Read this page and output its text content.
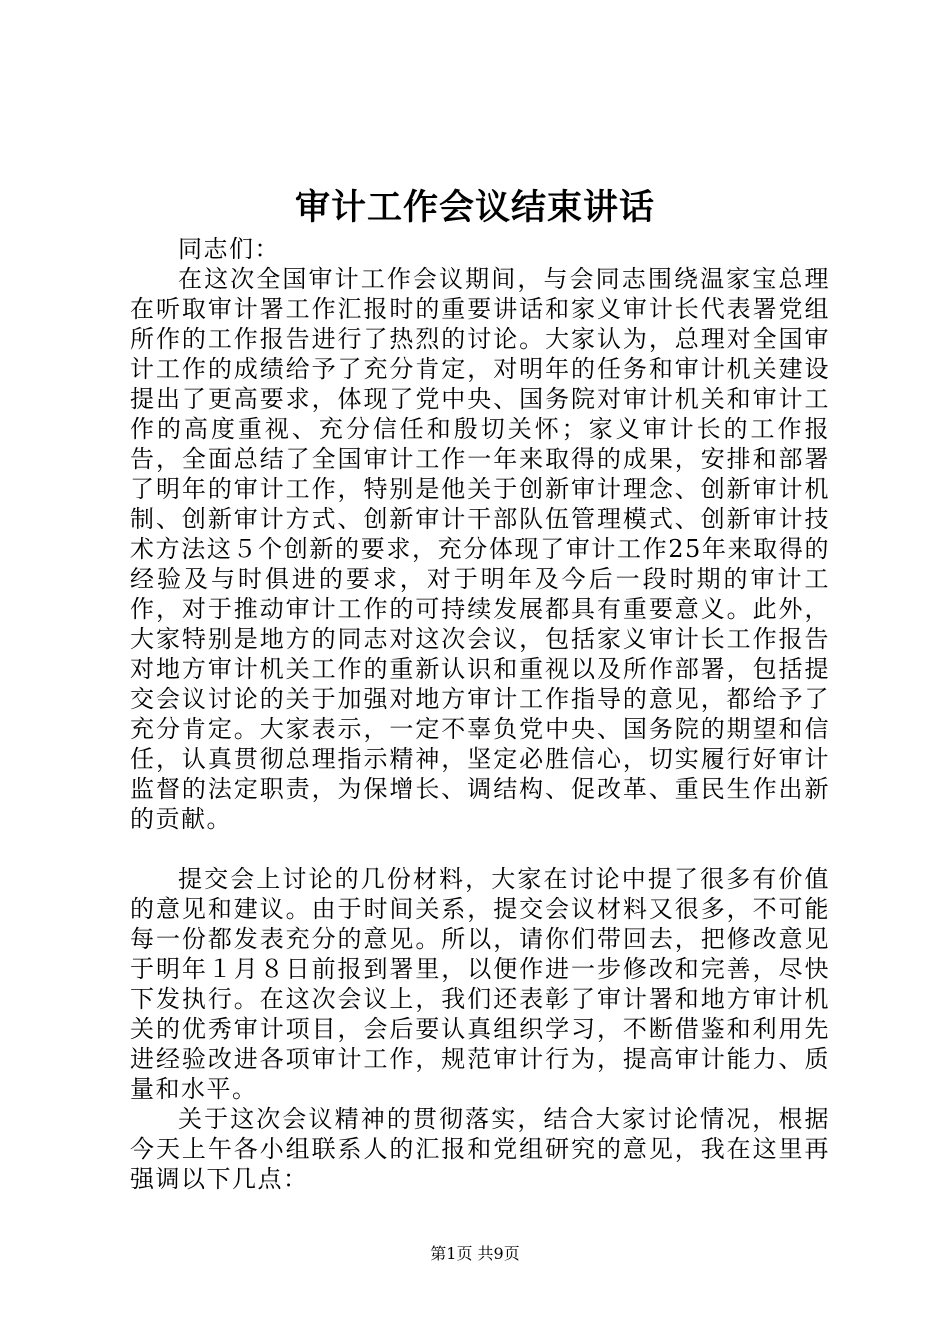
审计工作会议结束讲话

同志们：

在这次全国审计工作会议期间，与会同志围绕温家宝总理在听取审计署工作汇报时的重要讲话和家义审计长代表署党组所作的工作报告进行了热烈的讨论。大家认为，总理对全国审计工作的成绩给予了充分肯定，对明年的任务和审计机关建设提出了更高要求，体现了党中央、国务院对审计机关和审计工作的高度重视、充分信任和殷切关怀；家义审计长的工作报告，全面总结了全国审计工作一年来取得的成果，安排和部署了明年的审计工作，特别是他关于创新审计理念、创新审计机制、创新审计方式、创新审计干部队伍管理模式、创新审计技术方法这５个创新的要求，充分体现了审计工作25年来取得的经验及与时俱进的要求，对于明年及今后一段时期的审计工作，对于推动审计工作的可持续发展都具有重要意义。此外，大家特别是地方的同志对这次会议，包括家义审计长工作报告对地方审计机关工作的重新认识和重视以及所作部署，包括提交会议讨论的关于加强对地方审计工作指导的意见，都给予了充分肯定。大家表示，一定不辜负党中央、国务院的期望和信任，认真贯彻总理指示精神，坚定必胜信心，切实履行好审计监督的法定职责，为保增长、调结构、促改革、重民生作出新的贡献。

提交会上讨论的几份材料，大家在讨论中提了很多有价值的意见和建议。由于时间关系，提交会议材料又很多，不可能每一份都发表充分的意见。所以，请你们带回去，把修改意见于明年１月８日前报到署里，以便作进一步修改和完善，尽快下发执行。在这次会议上，我们还表彰了审计署和地方审计机关的优秀审计项目，会后要认真组织学习，不断借鉴和利用先进经验改进各项审计工作，规范审计行为，提高审计能力、质量和水平。

关于这次会议精神的贯彻落实，结合大家讨论情况，根据今天上午各小组联系人的汇报和党组研究的意见，我在这里再强调以下几点：

第1页 共9页
